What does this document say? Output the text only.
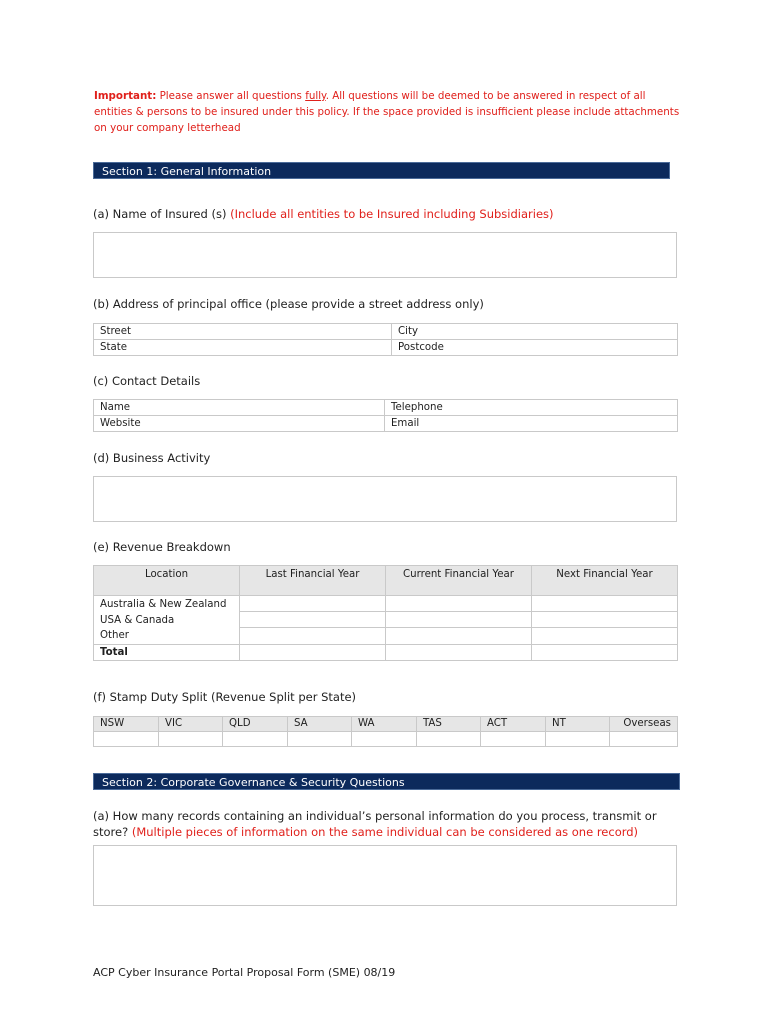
Important: Please answer all questions fully. All questions will be deemed to be answered in respect of all entities & persons to be insured under this policy. If the space provided is insufficient please include attachments on your company letterhead
Section 1: General Information
(a) Name of Insured (s) (Include all entities to be Insured including Subsidiaries)
(b) Address of principal office (please provide a street address only)
Street	City
State	Postcode
(c) Contact Details
Name	Telephone
Website	Email
(d) Business Activity
(e) Revenue Breakdown
Location	Last Financial Year	Current Financial Year	Next Financial Year

Australia & New Zealand
USA & Canada
Other			

Total			
(f) Stamp Duty Split (Revenue Split per State)
NSW	VIC	QLD	SA	WA	TAS	ACT	NT	Overseas

Section 2: Corporate Governance & Security Questions
(a) How many records containing an individual’s personal information do you process, transmit or store? (Multiple pieces of information on the same individual can be considered as one record)
ACP Cyber Insurance Portal Proposal Form (SME) 08/19
